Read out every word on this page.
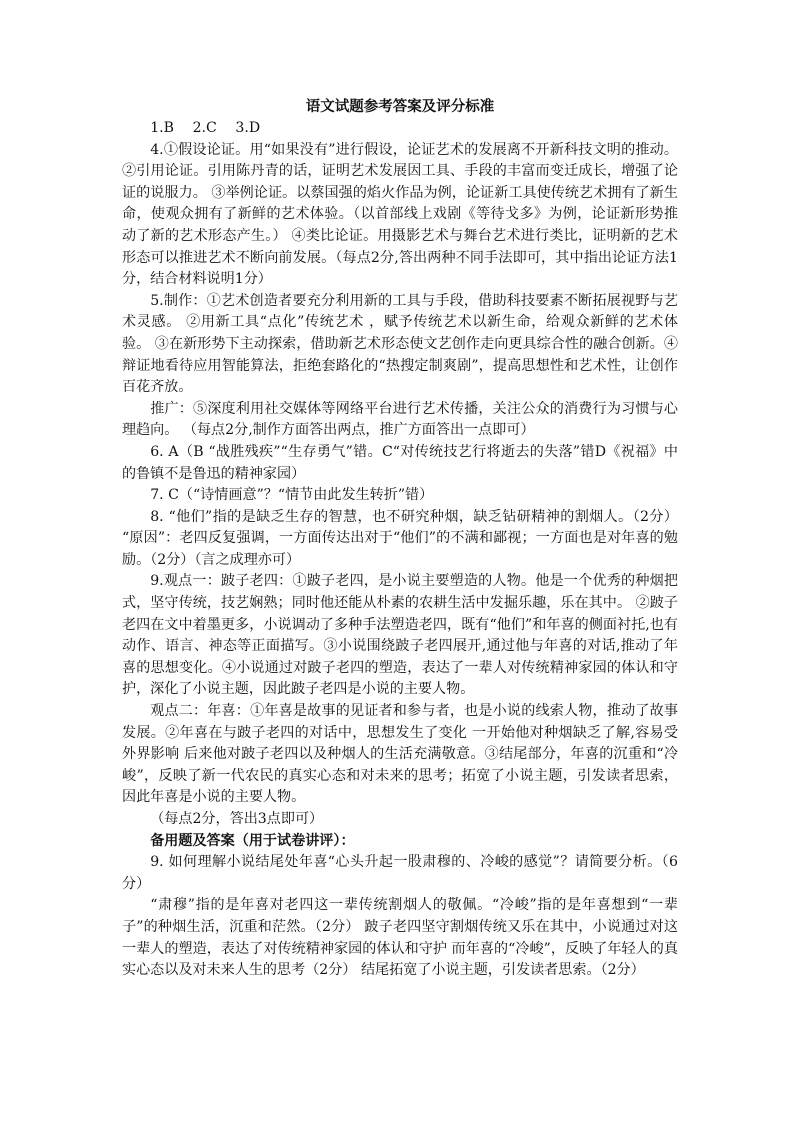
语文试题参考答案及评分标准

1.B　 2.C　 3.D

4.①假设论证。用“如果没有”进行假设，论证艺术的发展离不开新科技文明的推动。 ②引用论证。引用陈丹青的话，证明艺术发展因工具、手段的丰富而变迁成长，增强了论证的说服力。 ③举例论证。以蔡国强的焰火作品为例，论证新工具使传统艺术拥有了新生命，使观众拥有了新鲜的艺术体验。（以首部线上戏剧《等待戈多》为例，论证新形势推动了新的艺术形态产生。） ④类比论证。用摄影艺术与舞台艺术进行类比，证明新的艺术形态可以推进艺术不断向前发展。（每点2分,答出两种不同手法即可，其中指出论证方法1分，结合材料说明1分）

5.制作：①艺术创造者要充分利用新的工具与手段，借助科技要素不断拓展视野与艺术灵感。 ②用新工具“点化”传统艺术 ，赋予传统艺术以新生命，给观众新鲜的艺术体验。 ③在新形势下主动探索，借助新艺术形态使文艺创作走向更具综合性的融合创新。④辩证地看待应用智能算法，拒绝套路化的“热搜定制爽剧”，提高思想性和艺术性，让创作百花齐放。

推广：⑤深度利用社交媒体等网络平台进行艺术传播，关注公众的消费行为习惯与心理趋向。 （每点2分,制作方面答出两点，推广方面答出一点即可）

6. A（B “战胜残疾”“生存勇气”错。C“对传统技艺行将逝去的失落”错D《祝福》中的鲁镇不是鲁迅的精神家园）

7. C（“诗情画意”？“情节由此发生转折”错）

8. “他们”指的是缺乏生存的智慧，也不研究种烟，缺乏钻研精神的割烟人。（2分） “原因”：老四反复强调，一方面传达出对于“他们”的不满和鄙视；一方面也是对年喜的勉励。（2分）（言之成理亦可）

9.观点一：跛子老四：①跛子老四，是小说主要塑造的人物。他是一个优秀的种烟把式，坚守传统，技艺娴熟；同时他还能从朴素的农耕生活中发掘乐趣，乐在其中。 ②跛子老四在文中着墨更多，小说调动了多种手法塑造老四，既有“他们”和年喜的侧面衬托,也有动作、语言、神态等正面描写。③小说围绕跛子老四展开,通过他与年喜的对话,推动了年喜的思想变化。④小说通过对跛子老四的塑造，表达了一辈人对传统精神家园的体认和守护，深化了小说主题，因此跛子老四是小说的主要人物。

观点二：年喜：①年喜是故事的见证者和参与者，也是小说的线索人物，推动了故事发展。②年喜在与跛子老四的对话中，思想发生了变化 一开始他对种烟缺乏了解,容易受外界影响 后来他对跛子老四以及种烟人的生活充满敬意。③结尾部分，年喜的沉重和“冷峻”，反映了新一代农民的真实心态和对未来的思考；拓宽了小说主题，引发读者思索，因此年喜是小说的主要人物。

（每点2分，答出3点即可）

备用题及答案（用于试卷讲评）：

9. 如何理解小说结尾处年喜“心头升起一股肃穆的、冷峻的感觉”？请简要分析。（6分）

“肃穆”指的是年喜对老四这一辈传统割烟人的敬佩。“冷峻”指的是年喜想到“一辈子”的种烟生活，沉重和茫然。（2分） 跛子老四坚守割烟传统又乐在其中，小说通过对这一辈人的塑造，表达了对传统精神家园的体认和守护 而年喜的“冷峻”，反映了年轻人的真实心态以及对未来人生的思考（2分） 结尾拓宽了小说主题，引发读者思索。（2分）
